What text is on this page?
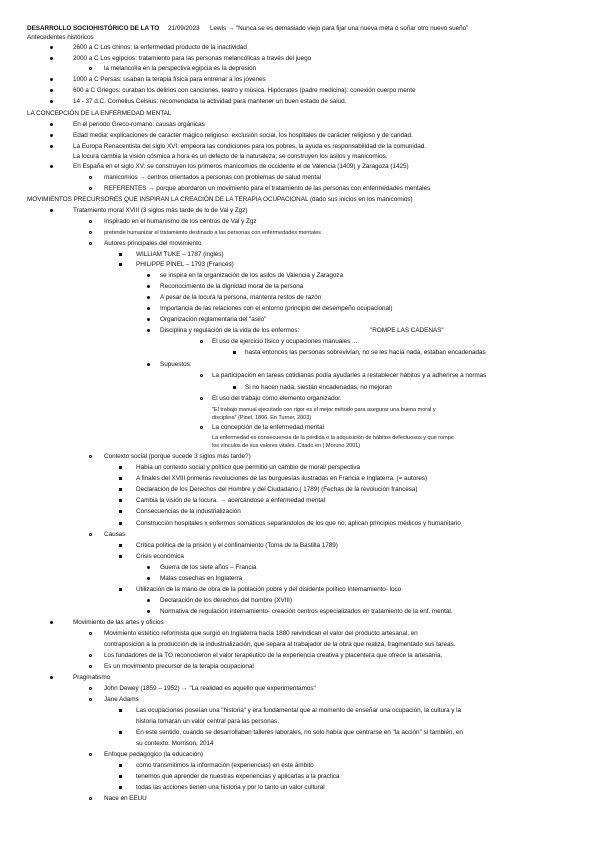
DESARROLLO SOCIOHISTÓRICO DE LA TO 21/09/2023 Lewis → "Nunca se es demasiado viejo para fijar una nueva meta o soñar otro nuevo sueño"
Antecedentes históricos
2600 a C Los chinos: la enfermedad producto de la inactividad
2000 a C Los egipcios: tratamiento para las personas melancólicas a través del juego
la melancolía en la perspectiva egipcia es la depresión
1000 a C Persas: usaban la terapia física para entrenar a los jóvenes
600 a C Griegos: curaban los delirios con canciones, teatro y música. Hipócrates (padre medicina): conexión cuerpo mente
14 - 37 d.C. Cornelius Celsius: recomendaba la actividad para mantener un buen estado de salud.
LA CONCEPCIÓN DE LA ENFERMEDAD MENTAL
En el periodo Greco-romano: causas orgánicas
Edad media: explicaciones de carácter mágico religioso: exclusión social, los hospitales de carácter religioso y de caridad.
La Europa Renacentista del siglo XVI: empeora las condiciones para los pobres, la ayuda es responsabilidad de la comunidad.
La locura cambia la visión cósmica a hora es un defecto de la naturaleza; se construyen los asilos y manicomios.
En España en el siglo XV: se construyen los primeros manicomios de occidente el de Valencia (1409) y Zaragoza (1425)
manicomios → centros orientados a personas con problemas de salud mental
REFERENTES → porque abordaron un movimiento para el tratamiento de las personas con enfermedades mentales
MOVIMIENTOS PRECURSORES QUE INSPIRAN LA CREACIÓN DE LA TERAPIA OCUPACIONAL (dado sus inicios en los manicomios)
Tratamiento moral XVIII (3 siglos más tarde de lo de Val y Zgz)
Inspirado en el humanismo de los centros de Val y Zgz
pretende humanizar el tratamiento destinado a las personas con enfermedades mentales
Autores principales del movimiento
WILLIAM TUKE – 1787 (inglés)
PHILIPPE PINEL – 1793 (Francés)
se inspira en la organización de los asilos de Valencia y Zaragoza
Reconocimiento de la dignidad moral de la persona
A pesar de la locura la persona, mantenía restos de razón
Importancia de las relaciones con el entorno (principio del desempeño ocupacional)
Organización reglamentaria del "asilo"
Disciplina y regulación de la vida de los enfermos:	"ROMPE LAS CADENAS"
El uso de ejercicio físico y ocupaciones manuales ...
hasta entonces las personas sobrevivían, no se les hacía nada, estaban encadenadas
Supuestos:
La participación en tareas cotidianas podía ayudarles a restablecer hábitos y a adherirse a normas
Si no hacen nada, siestán encadenadas, no mejoran
El uso del trabajo como elemento organizador.
"El trabajo manual ejecutado con rigor es el mejor método para asegurar una buena moral y
disciplina" (Pinel, 1806. En Turner, 2003)
La concepción de la enfermedad mental
La enfermedad es consecuencia de la pérdida o la adquisición de hábitos defectuosos y que rompe
los vínculos de sus valores vitales. Citado en ( Moruno 2001)
Contexto social (porque sucede 3 siglos más tarde?)
Había un contexto social y político que permitió un cambio de moral/ perspectiva
A finales del XVIII primeras revoluciones de las burguesías ilustradas en Francia e Inglaterra. (= autores)
Declaración de los Derechos del Hombre y del Ciudadano.( 1789) (Fechas de la revolución francesa)
Cambia la visión de la locura. → acercándose a enfermedad mental
Consecuencias de la industrialización
Construcción hospitales x enfermos somáticos separándolos de los que no, aplican principios médicos y humanitario
Causas
Crítica política de la prisión y el confinamiento (Toma de la Bastilla 1789)
Crisis económica
Guerra de los siete años – Francia
Malas cosechas en Inglaterra
Utilización de la mano de obra de la población pobre y del disidente político Internamiento- loco
Declaración de los derechos del hombre (XVIII)
Normativa de regulación internamiento- creación centros especializados en tratamiento de la enf. mental.
Movimiento de las artes y oficios
Movimiento estético reformista que surgió en Inglaterra hacia 1880 reivindican el valor del producto artesanal, en
contraposición a la producción de la industrialización, que separa al trabajador de la obra que realiza, fragmentado sus tareas.
Los fundadores de la TO reconocieron el valor terapéutico de la experiencia creativa y placentera que ofrece la artesanía.
Es un movimiento precursor de la terapia ocupacional
Pragmatismo
John Dewey (1859 – 1952) → "La realidad es aquello que experimentamos"
Jane Adams
Las ocupaciones poseían una "historia" y era fundamental que al momento de enseñar una ocupación, la cultura y la
historia tomaran un valor central para las personas.
En este sentido, cuando se desarrollaban talleres laborales, no solo había que centrarse en "la acción" sí también, en
su contexto. Morrison, 2014
Enfoque pedagógico (la educación)
cómo transmitimos la información (experiencias) en este ámbito
tenemos que aprender de nuestras experiencias y aplicarlas a la práctica
todas las acciones tienen una historia y por lo tanto un valor cultural
Nace en EEUU
